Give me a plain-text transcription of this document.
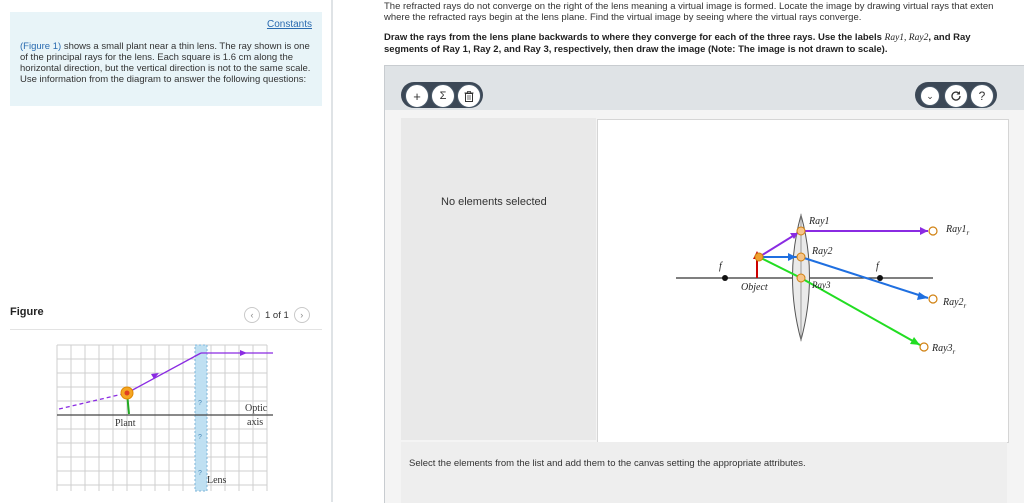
Constants
(Figure 1) shows a small plant near a thin lens. The ray shown is one of the principal rays for the lens. Each square is 1.6 cm along the horizontal direction, but the vertical direction is not to the same scale. Use information from the diagram to answer the following questions:
Figure	‹	1 of 1	›
Plant
Optic
axis
Lens
?
?
?
The refracted rays do not converge on the right of the lens meaning a virtual image is formed. Locate the image by drawing virtual rays that exten
where the refracted rays begin at the lens plane. Find the virtual image by seeing where the virtual rays converge.
Draw the rays from the lens plane backwards to where they converge for each of the three rays. Use the labels Ray1, Ray2, and Ray
segments of Ray 1, Ray 2, and Ray 3, respectively, then draw the image (Note: The image is not drawn to scale).
+	Σ	⌄	?
No elements selected
f	f
Object
Ray1
Ray2
Ray3
$Ray1_r$
$Ray2_r$
$Ray3_r$
Select the elements from the list and add them to the canvas setting the appropriate attributes.
